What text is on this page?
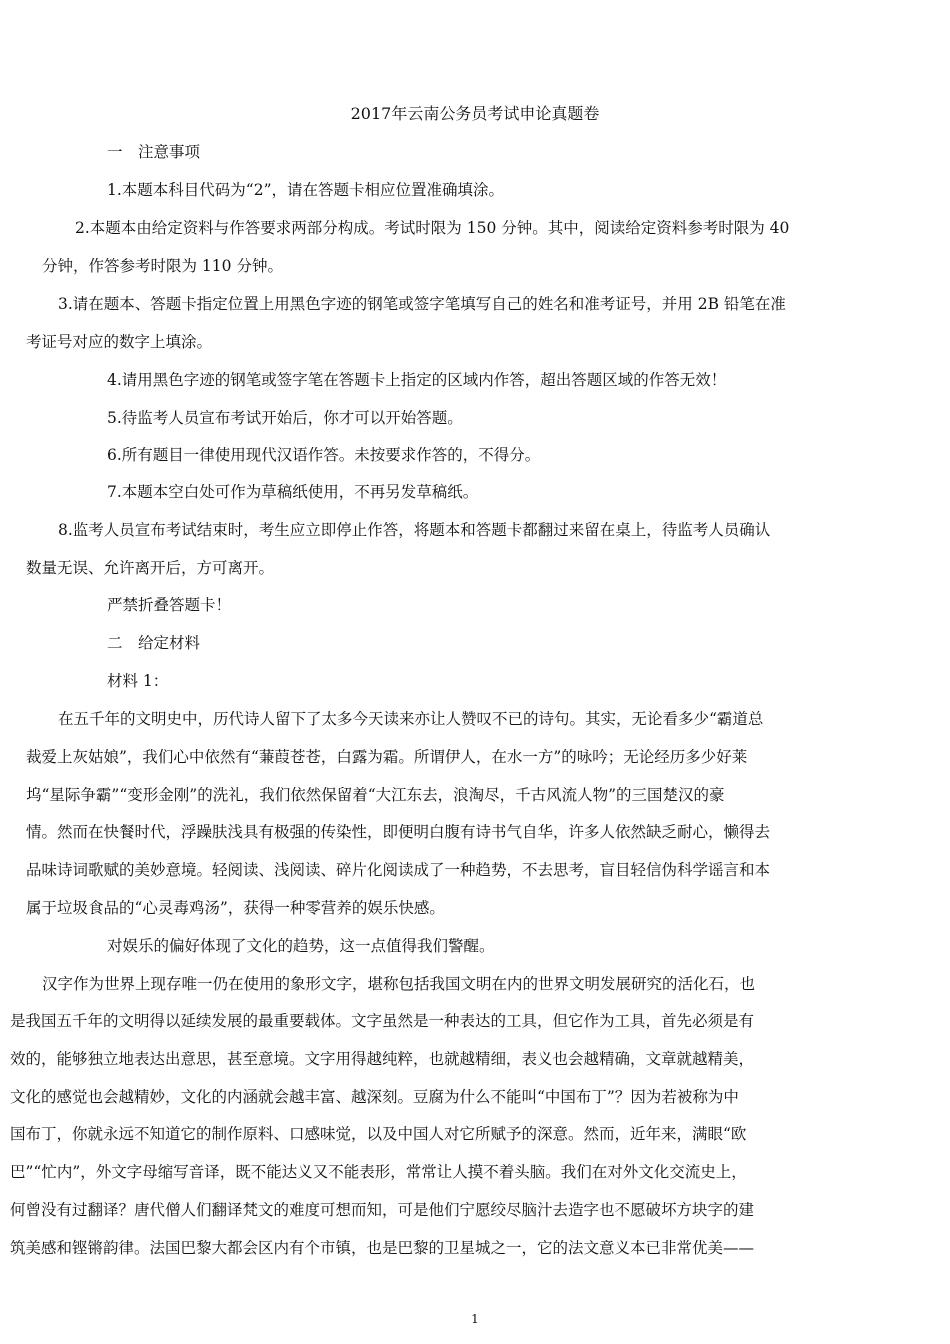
2017年云南公务员考试申论真题卷
一　注意事项
1.本题本科目代码为“2”，请在答题卡相应位置准确填涂。
2.本题本由给定资料与作答要求两部分构成。考试时限为 150 分钟。其中，阅读给定资料参考时限为 40
分钟，作答参考时限为 110 分钟。
3.请在题本、答题卡指定位置上用黑色字迹的钢笔或签字笔填写自己的姓名和准考证号，并用 2B 铅笔在准
考证号对应的数字上填涂。
4.请用黑色字迹的钢笔或签字笔在答题卡上指定的区域内作答，超出答题区域的作答无效！
5.待监考人员宣布考试开始后，你才可以开始答题。
6.所有题目一律使用现代汉语作答。未按要求作答的，不得分。
7.本题本空白处可作为草稿纸使用，不再另发草稿纸。
8.监考人员宣布考试结束时，考生应立即停止作答，将题本和答题卡都翻过来留在桌上，待监考人员确认
数量无误、允许离开后，方可离开。
严禁折叠答题卡！
二　给定材料
材料 1：
在五千年的文明史中，历代诗人留下了太多今天读来亦让人赞叹不已的诗句。其实，无论看多少“霸道总
裁爱上灰姑娘”，我们心中依然有“蒹葭苍苍，白露为霜。所谓伊人，在水一方”的咏吟；无论经历多少好莱
坞“星际争霸”“变形金刚”的洗礼，我们依然保留着“大江东去，浪淘尽，千古风流人物”的三国楚汉的豪
情。然而在快餐时代，浮躁肤浅具有极强的传染性，即便明白腹有诗书气自华，许多人依然缺乏耐心，懒得去
品味诗词歌赋的美妙意境。轻阅读、浅阅读、碎片化阅读成了一种趋势，不去思考，盲目轻信伪科学谣言和本
属于垃圾食品的“心灵毒鸡汤”，获得一种零营养的娱乐快感。
对娱乐的偏好体现了文化的趋势，这一点值得我们警醒。
汉字作为世界上现存唯一仍在使用的象形文字，堪称包括我国文明在内的世界文明发展研究的活化石，也
是我国五千年的文明得以延续发展的最重要载体。文字虽然是一种表达的工具，但它作为工具，首先必须是有
效的，能够独立地表达出意思，甚至意境。文字用得越纯粹，也就越精细，表义也会越精确，文章就越精美，
文化的感觉也会越精妙，文化的内涵就会越丰富、越深刻。豆腐为什么不能叫“中国布丁”？因为若被称为中
国布丁，你就永远不知道它的制作原料、口感味觉，以及中国人对它所赋予的深意。然而，近年来，满眼“欧
巴”“忙内”，外文字母缩写音译，既不能达义又不能表形，常常让人摸不着头脑。我们在对外文化交流史上，
何曾没有过翻译？唐代僧人们翻译梵文的难度可想而知，可是他们宁愿绞尽脑汁去造字也不愿破坏方块字的建
筑美感和铿锵韵律。法国巴黎大都会区内有个市镇，也是巴黎的卫星城之一，它的法文意义本已非常优美——
1
